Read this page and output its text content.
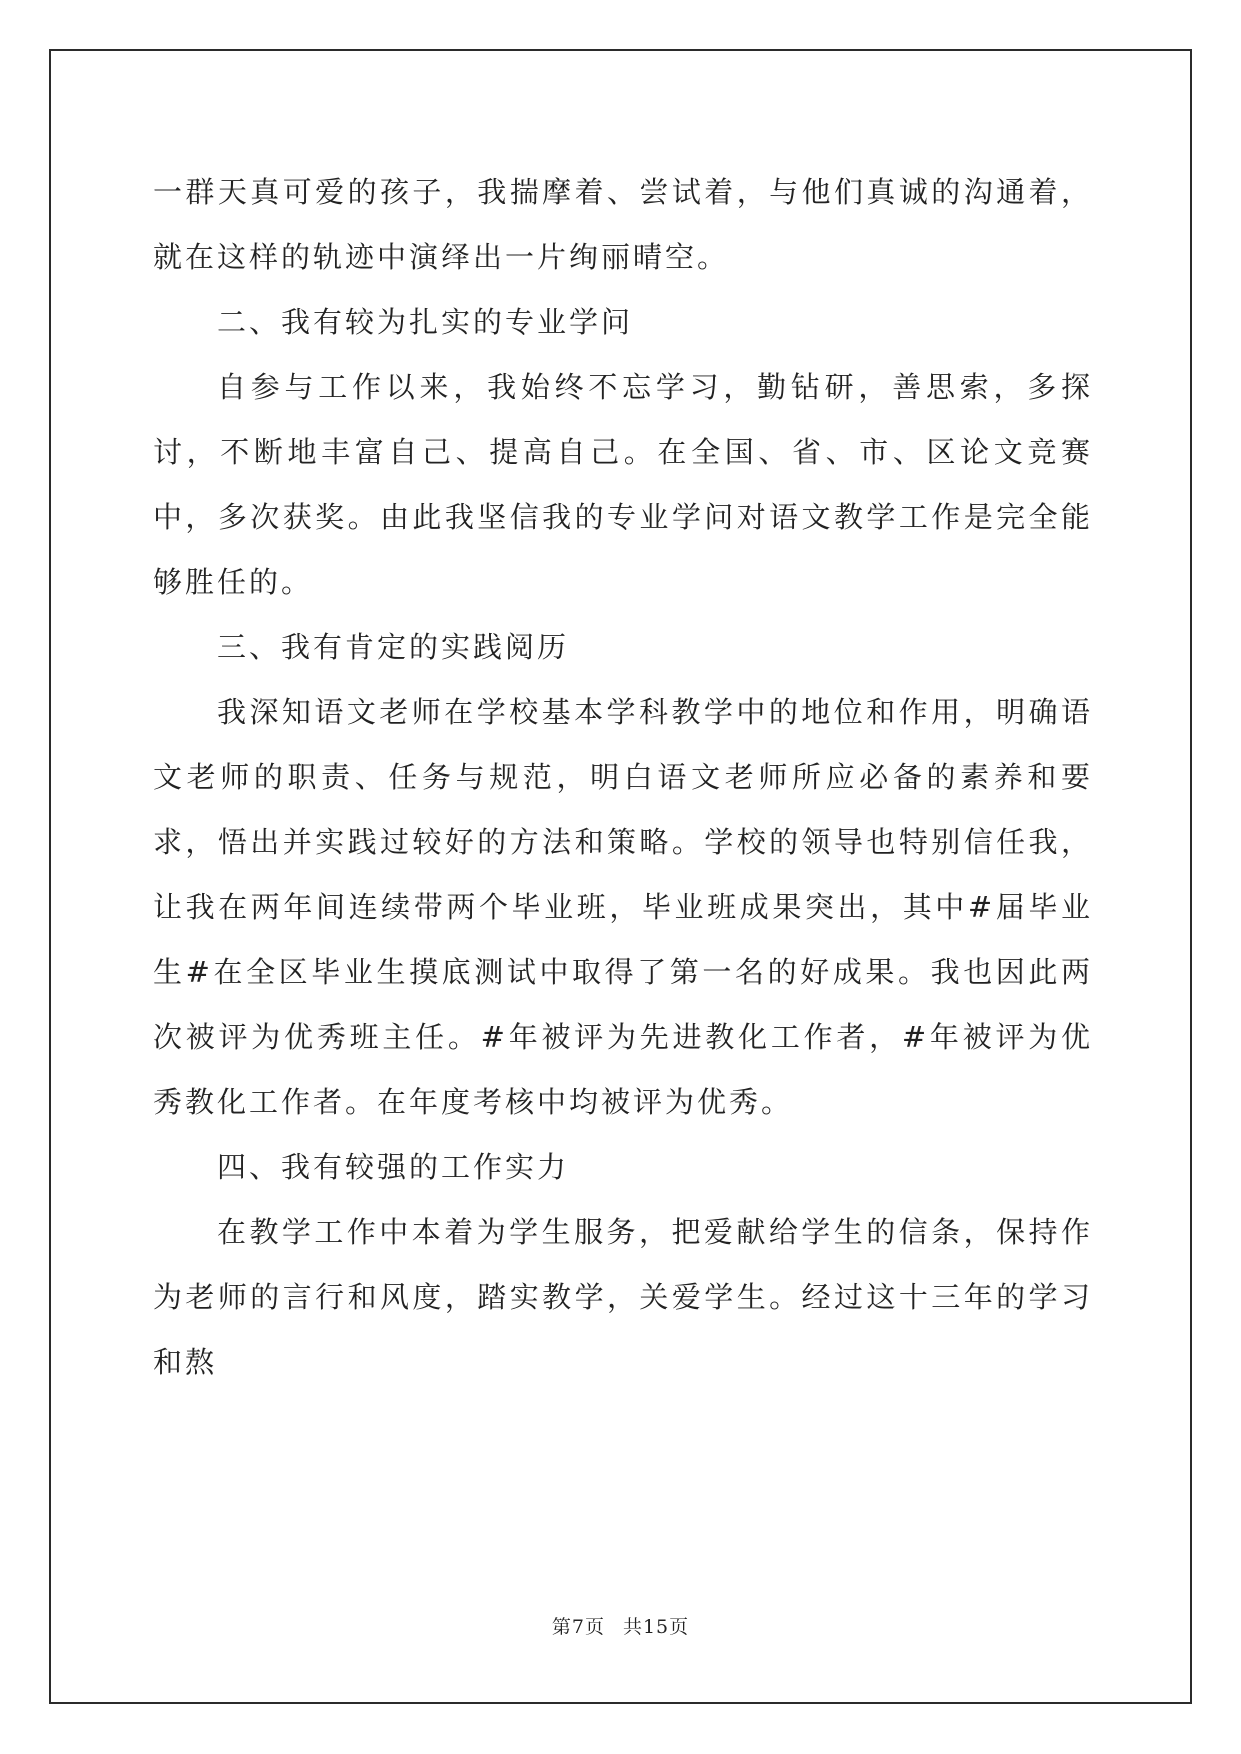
一群天真可爱的孩子，我揣摩着、尝试着，与他们真诚的沟通着，就在这样的轨迹中演绎出一片绚丽晴空。

二、我有较为扎实的专业学问

自参与工作以来，我始终不忘学习，勤钻研，善思索，多探讨，不断地丰富自己、提高自己。在全国、省、市、区论文竞赛中，多次获奖。由此我坚信我的专业学问对语文教学工作是完全能够胜任的。

三、我有肯定的实践阅历

我深知语文老师在学校基本学科教学中的地位和作用，明确语文老师的职责、任务与规范，明白语文老师所应必备的素养和要求，悟出并实践过较好的方法和策略。学校的领导也特别信任我，让我在两年间连续带两个毕业班，毕业班成果突出，其中#届毕业生#在全区毕业生摸底测试中取得了第一名的好成果。我也因此两次被评为优秀班主任。#年被评为先进教化工作者，#年被评为优秀教化工作者。在年度考核中均被评为优秀。

四、我有较强的工作实力

在教学工作中本着为学生服务，把爱献给学生的信条，保持作为老师的言行和风度，踏实教学，关爱学生。经过这十三年的学习和熬

第7页 共15页
